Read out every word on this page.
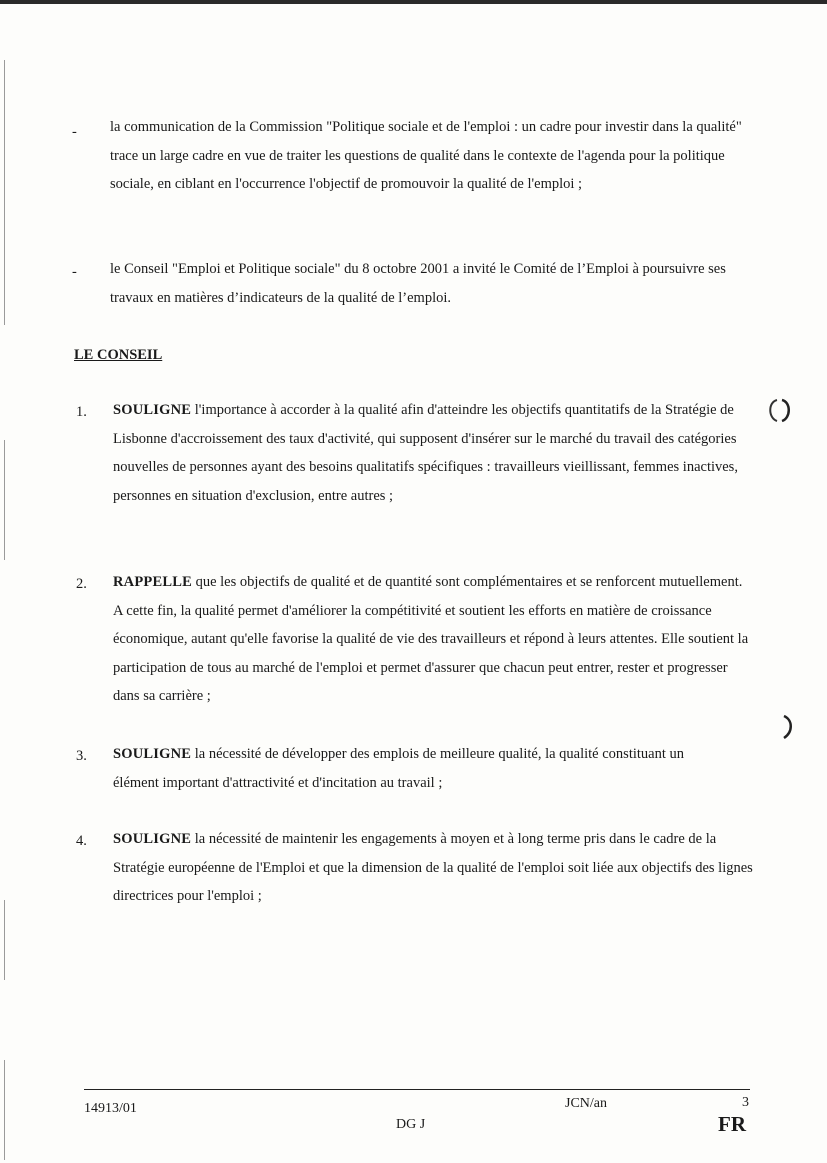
- la communication de la Commission "Politique sociale et de l'emploi : un cadre pour investir dans la qualité" trace un large cadre en vue de traiter les questions de qualité dans le contexte de l'agenda pour la politique sociale, en ciblant en l'occurrence l'objectif de promouvoir la qualité de l'emploi ;
- le Conseil "Emploi et Politique sociale" du 8 octobre 2001 a invité le Comité de l’Emploi à poursuivre ses travaux en matières d’indicateurs de la qualité de l’emploi.
LE CONSEIL
1. SOULIGNE l'importance à accorder à la qualité afin d'atteindre les objectifs quantitatifs de la Stratégie de Lisbonne d'accroissement des taux d'activité, qui supposent d'insérer sur le marché du travail des catégories nouvelles de personnes ayant des besoins qualitatifs spécifiques : travailleurs vieillissant, femmes inactives, personnes en situation d'exclusion, entre autres ;
2. RAPPELLE que les objectifs de qualité et de quantité sont complémentaires et se renforcent mutuellement. A cette fin, la qualité permet d'améliorer la compétitivité et soutient les efforts en matière de croissance économique, autant qu'elle favorise la qualité de vie des travailleurs et répond à leurs attentes. Elle soutient la participation de tous au marché de l'emploi et permet d'assurer que chacun peut entrer, rester et progresser dans sa carrière ;
3. SOULIGNE la nécessité de développer des emplois de meilleure qualité, la qualité constituant un élément important d'attractivité et d'incitation au travail ;
4. SOULIGNE la nécessité de maintenir les engagements à moyen et à long terme pris dans le cadre de la Stratégie européenne de l'Emploi et que la dimension de la qualité de l'emploi soit liée aux objectifs des lignes directrices pour l'emploi ;
14913/01	JCN/an	3
DG J	FR
